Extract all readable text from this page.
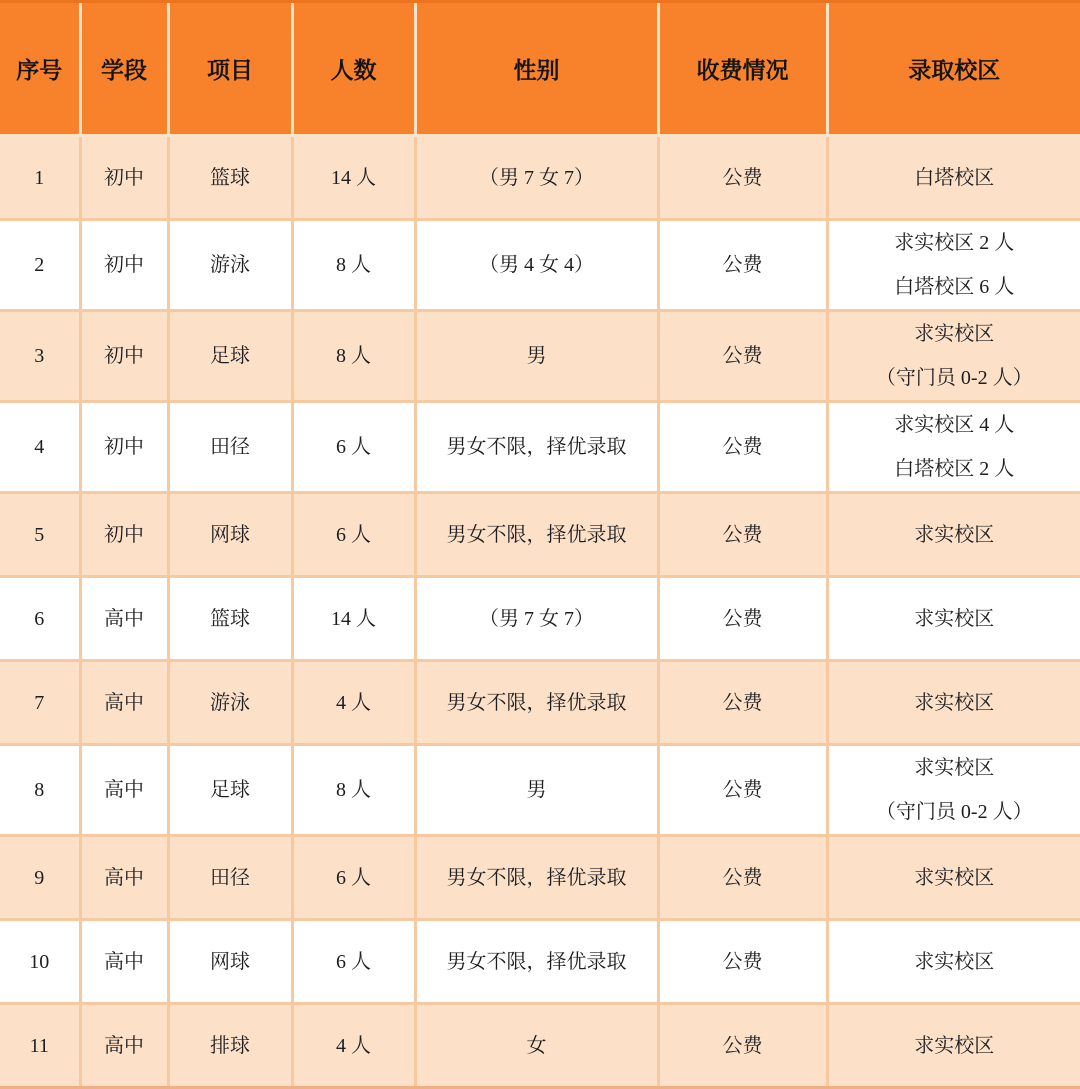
序号	学段	项目	人数	性别	收费情况	录取校区
1	初中	篮球	14 人	（男 7 女 7）	公费	白塔校区

2	初中	游泳	8 人	（男 4 女 4）	公费	求实校区 2 人
白塔校区 6 人

3	初中	足球	8 人	男	公费	求实校区
（守门员 0-2 人）

4	初中	田径	6 人	男女不限，择优录取	公费	求实校区 4 人
白塔校区 2 人

5	初中	网球	6 人	男女不限，择优录取	公费	求实校区

6	高中	篮球	14 人	（男 7 女 7）	公费	求实校区

7	高中	游泳	4 人	男女不限，择优录取	公费	求实校区

8	高中	足球	8 人	男	公费	求实校区
（守门员 0-2 人）

9	高中	田径	6 人	男女不限，择优录取	公费	求实校区

10	高中	网球	6 人	男女不限，择优录取	公费	求实校区

11	高中	排球	4 人	女	公费	求实校区
